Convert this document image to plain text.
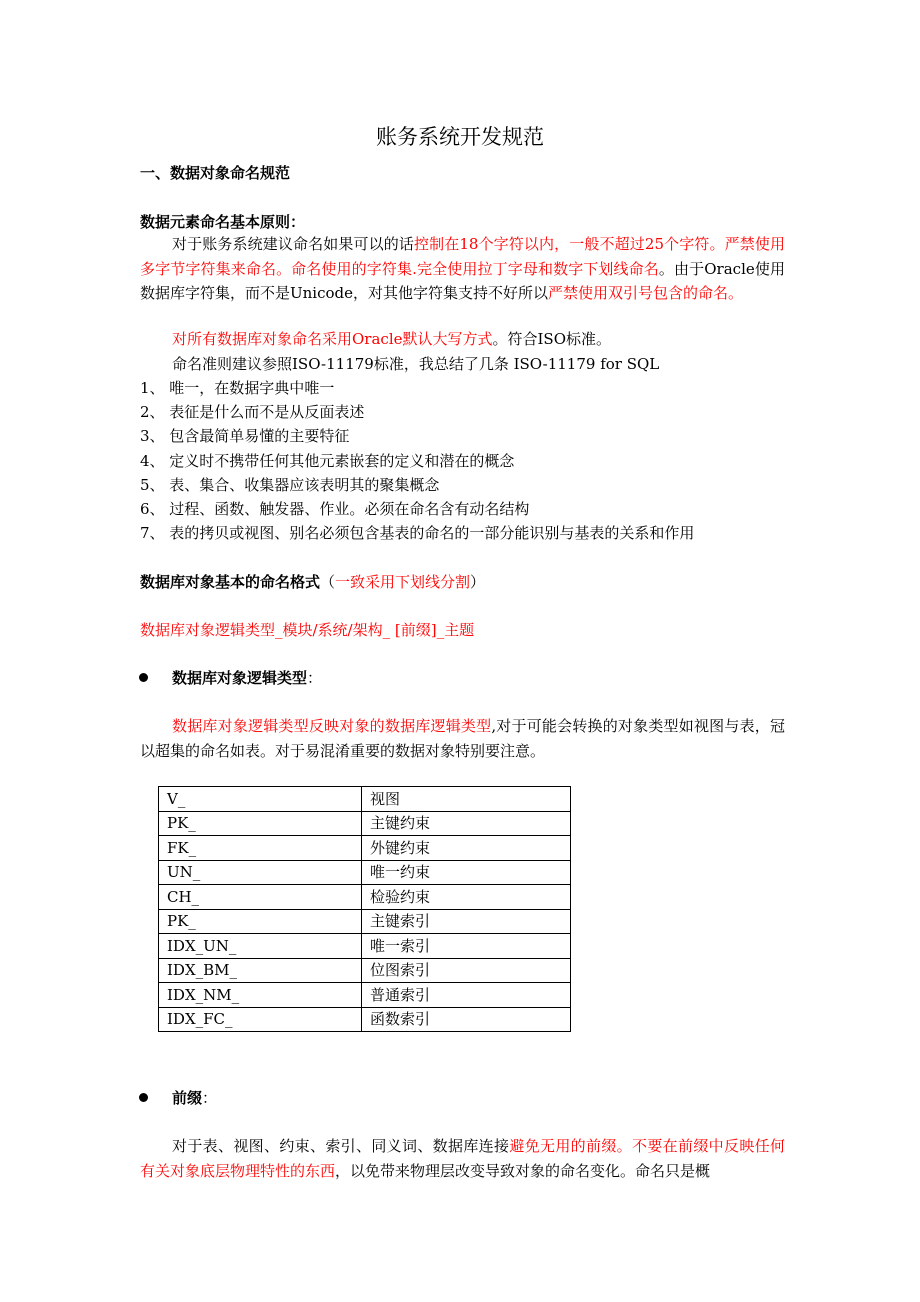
账务系统开发规范
一、数据对象命名规范
数据元素命名基本原则：
对于账务系统建议命名如果可以的话控制在18个字符以内，一般不超过25个字符。严禁使用多字节字符集来命名。命名使用的字符集.完全使用拉丁字母和数字下划线命名。由于Oracle使用数据库字符集，而不是Unicode，对其他字符集支持不好所以严禁使用双引号包含的命名。
对所有数据库对象命名采用Oracle默认大写方式。符合ISO标准。
命名准则建议参照ISO-11179标准，我总结了几条 ISO-11179 for SQL
1、 唯一，在数据字典中唯一
2、 表征是什么而不是从反面表述
3、 包含最简单易懂的主要特征
4、 定义时不携带任何其他元素嵌套的定义和潜在的概念
5、 表、集合、收集器应该表明其的聚集概念
6、 过程、函数、触发器、作业。必须在命名含有动名结构
7、 表的拷贝或视图、别名必须包含基表的命名的一部分能识别与基表的关系和作用
数据库对象基本的命名格式（一致采用下划线分割）
数据库对象逻辑类型_模块/系统/架构_ [前缀]_主题
数据库对象逻辑类型：
数据库对象逻辑类型反映对象的数据库逻辑类型,对于可能会转换的对象类型如视图与表，冠以超集的命名如表。对于易混淆重要的数据对象特别要注意。
V_	视图
PK_	主键约束
FK_	外键约束
UN_	唯一约束
CH_	检验约束
PK_	主键索引
IDX_UN_	唯一索引
IDX_BM_	位图索引
IDX_NM_	普通索引
IDX_FC_	函数索引
前缀：
对于表、视图、约束、索引、同义词、数据库连接避免无用的前缀。不要在前缀中反映任何有关对象底层物理特性的东西，以免带来物理层改变导致对象的命名变化。命名只是概
